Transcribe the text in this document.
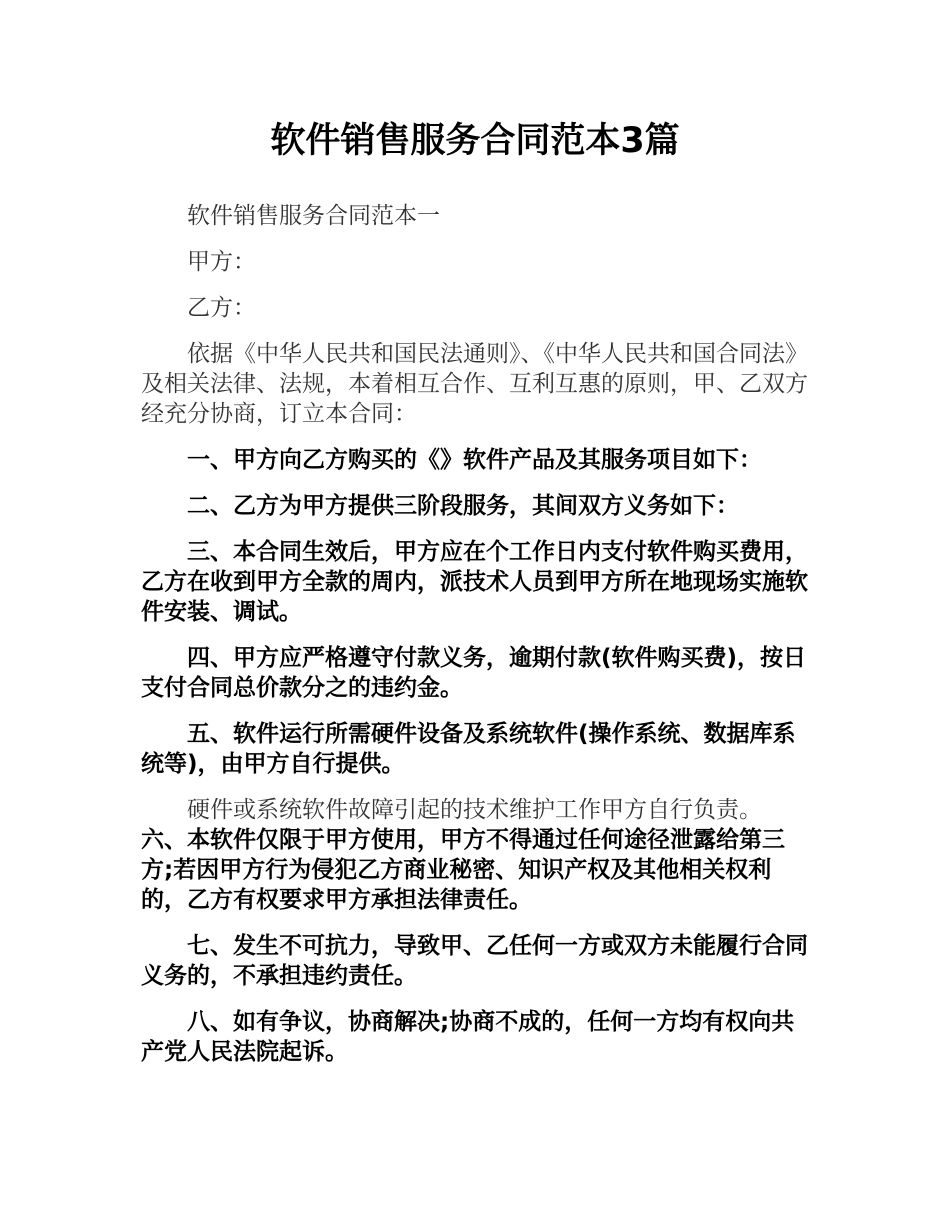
软件销售服务合同范本3篇

软件销售服务合同范本一

甲方：

乙方：

依据《中华人民共和国民法通则》、《中华人民共和国合同法》及相关法律、法规，本着相互合作、互利互惠的原则，甲、乙双方经充分协商，订立本合同：

一、甲方向乙方购买的《》软件产品及其服务项目如下：

二、乙方为甲方提供三阶段服务，其间双方义务如下：

三、本合同生效后，甲方应在个工作日内支付软件购买费用，乙方在收到甲方全款的周内，派技术人员到甲方所在地现场实施软件安装、调试。

四、甲方应严格遵守付款义务，逾期付款(软件购买费)，按日支付合同总价款分之的违约金。

五、软件运行所需硬件设备及系统软件(操作系统、数据库系统等)，由甲方自行提供。

硬件或系统软件故障引起的技术维护工作甲方自行负责。

六、本软件仅限于甲方使用，甲方不得通过任何途径泄露给第三方;若因甲方行为侵犯乙方商业秘密、知识产权及其他相关权利的，乙方有权要求甲方承担法律责任。

七、发生不可抗力，导致甲、乙任何一方或双方未能履行合同义务的，不承担违约责任。

八、如有争议，协商解决;协商不成的，任何一方均有权向共产党人民法院起诉。
